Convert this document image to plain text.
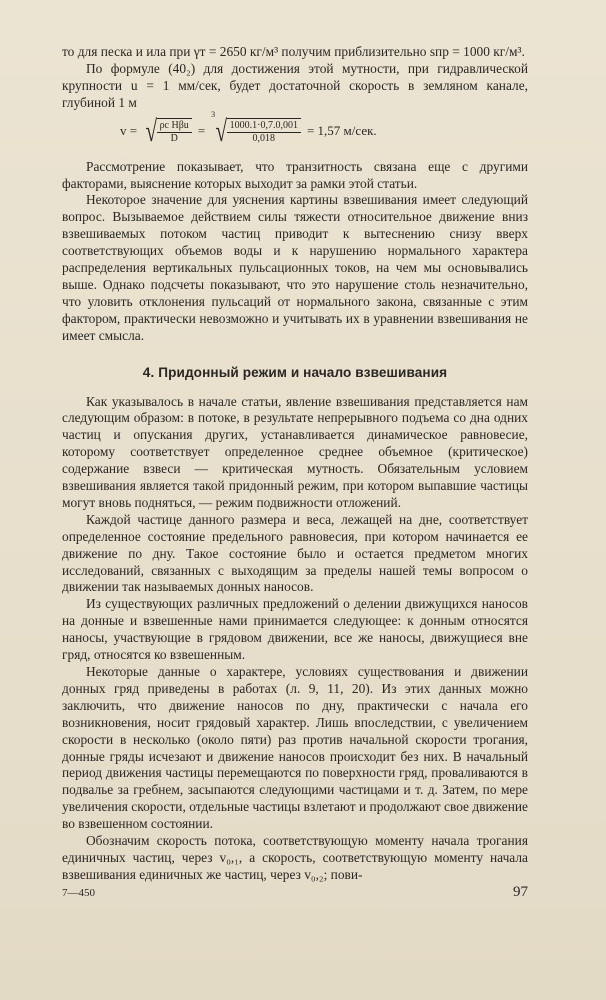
то для песка и ила при γт = 2650 кг/м³ получим приблизительно sпр = 1000 кг/м³.

По формуле (40₂) для достижения этой мутности, при гидравлической крупности u = 1 мм/сек, будет достаточной скорость в земляном канале, глубиной 1 м

v = √ $\frac{\text{ρс Hβu}}{D}$ =
3 √ $\frac{1000.1\cdot 0,7.0,001}{0,018} = 1,57$ м/сек.

Рассмотрение показывает, что транзитность связана еще с другими факторами, выяснение которых выходит за рамки этой статьи.

Некоторое значение для уяснения картины взвешивания имеет следующий вопрос. Вызываемое действием силы тяжести относительное движение вниз взвешиваемых потоком частиц приводит к вытеснению снизу вверх соответствующих объемов воды и к нарушению нормального характера распределения вертикальных пульсационных токов, на чем мы основывались выше. Однако подсчеты показывают, что это нарушение столь незначительно, что уловить отклонения пульсаций от нормального закона, связанные с этим фактором, практически невозможно и учитывать их в уравнении взвешивания не имеет смысла.

4. Придонный режим и начало взвешивания

Как указывалось в начале статьи, явление взвешивания представляется нам следующим образом: в потоке, в результате непрерывного подъема со дна одних частиц и опускания других, устанавливается динамическое равновесие, которому соответствует определенное среднее объемное (критическое) содержание взвеси — критическая мутность. Обязательным условием взвешивания является такой придонный режим, при котором выпавшие частицы могут вновь подняться, — режим подвижности отложений.

Каждой частице данного размера и веса, лежащей на дне, соответствует определенное состояние предельного равновесия, при котором начинается ее движение по дну. Такое состояние было и остается предметом многих исследований, связанных с выходящим за пределы нашей темы вопросом о движении так называемых донных наносов.

Из существующих различных предложений о делении движущихся наносов на донные и взвешенные нами принимается следующее: к донным относятся наносы, участвующие в грядовом движении, все же наносы, движущиеся вне гряд, относятся ко взвешенным.

Некоторые данные о характере, условиях существования и движении донных гряд приведены в работах (л. 9, 11, 20). Из этих данных можно заключить, что движение наносов по дну, практически с начала его возникновения, носит грядовый характер. Лишь впоследствии, с увеличением скорости в несколько (около пяти) раз против начальной скорости трогания, донные гряды исчезают и движение наносов происходит без них. В начальный период движения частицы перемещаются по поверхности гряд, проваливаются в подвалье за гребнем, засыпаются следующими частицами и т. д. Затем, по мере увеличения скорости, отдельные частицы взлетают и продолжают свое движение во взвешенном состоянии.

Обозначим скорость потока, соответствующую моменту начала трогания единичных частиц, через v₀,₁, а скорость, соответствующую моменту начала взвешивания единичных же частиц, через v₀,₂; пови-

7—450	97
